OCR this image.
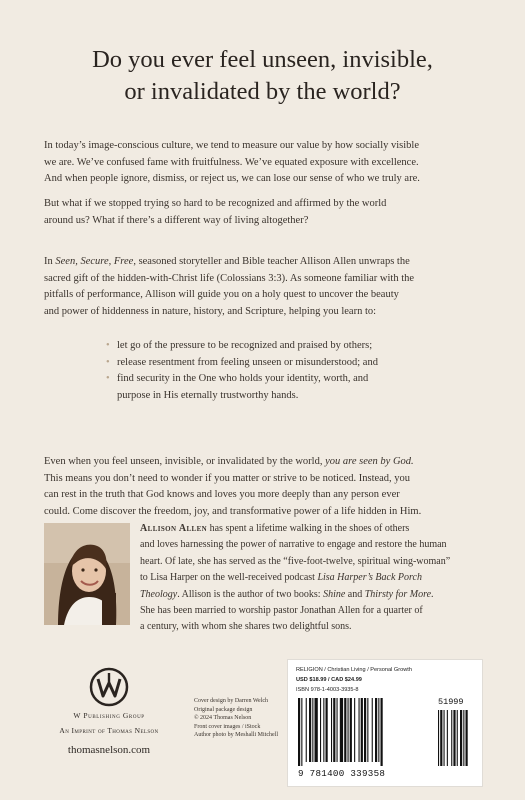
Do you ever feel unseen, invisible,
or invalidated by the world?
In today’s image-conscious culture, we tend to measure our value by how socially visible
we are. We’ve confused fame with fruitfulness. We’ve equated exposure with excellence.
And when people ignore, dismiss, or reject us, we can lose our sense of who we truly are.
But what if we stopped trying so hard to be recognized and affirmed by the world
around us? What if there’s a different way of living altogether?
In Seen, Secure, Free, seasoned storyteller and Bible teacher Allison Allen unwraps the
sacred gift of the hidden-with-Christ life (Colossians 3:3). As someone familiar with the
pitfalls of performance, Allison will guide you on a holy quest to uncover the beauty
and power of hiddenness in nature, history, and Scripture, helping you learn to:
• let go of the pressure to be recognized and praised by others;
• release resentment from feeling unseen or misunderstood; and
• find security in the One who holds your identity, worth, and
purpose in His eternally trustworthy hands.
Even when you feel unseen, invisible, or invalidated by the world, you are seen by God.
This means you don’t need to wonder if you matter or strive to be noticed. Instead, you
can rest in the truth that God knows and loves you more deeply than any person ever
could. Come discover the freedom, joy, and transformative power of a life hidden in Him.
Allison Allen has spent a lifetime walking in the shoes of others
and loves harnessing the power of narrative to engage and restore the human
heart. Of late, she has served as the “five-foot-twelve, spiritual wing-woman”
to Lisa Harper on the well-received podcast Lisa Harper’s Back Porch
Theology. Allison is the author of two books: Shine and Thirsty for More.
She has been married to worship pastor Jonathan Allen for a quarter of
a century, with whom she shares two delightful sons.
W Publishing Group
An Imprint of Thomas Nelson
thomasnelson.com
Cover design by Darren Welch
Original package design
© 2024 Thomas Nelson
Front cover images / iStock
Author photo by Meshalli Mitchell
RELIGION / Christian Living / Personal Growth
USD $18.99 / CAD $24.99
ISBN 978-1-4003-3935-8
9 781400 339358
51999
